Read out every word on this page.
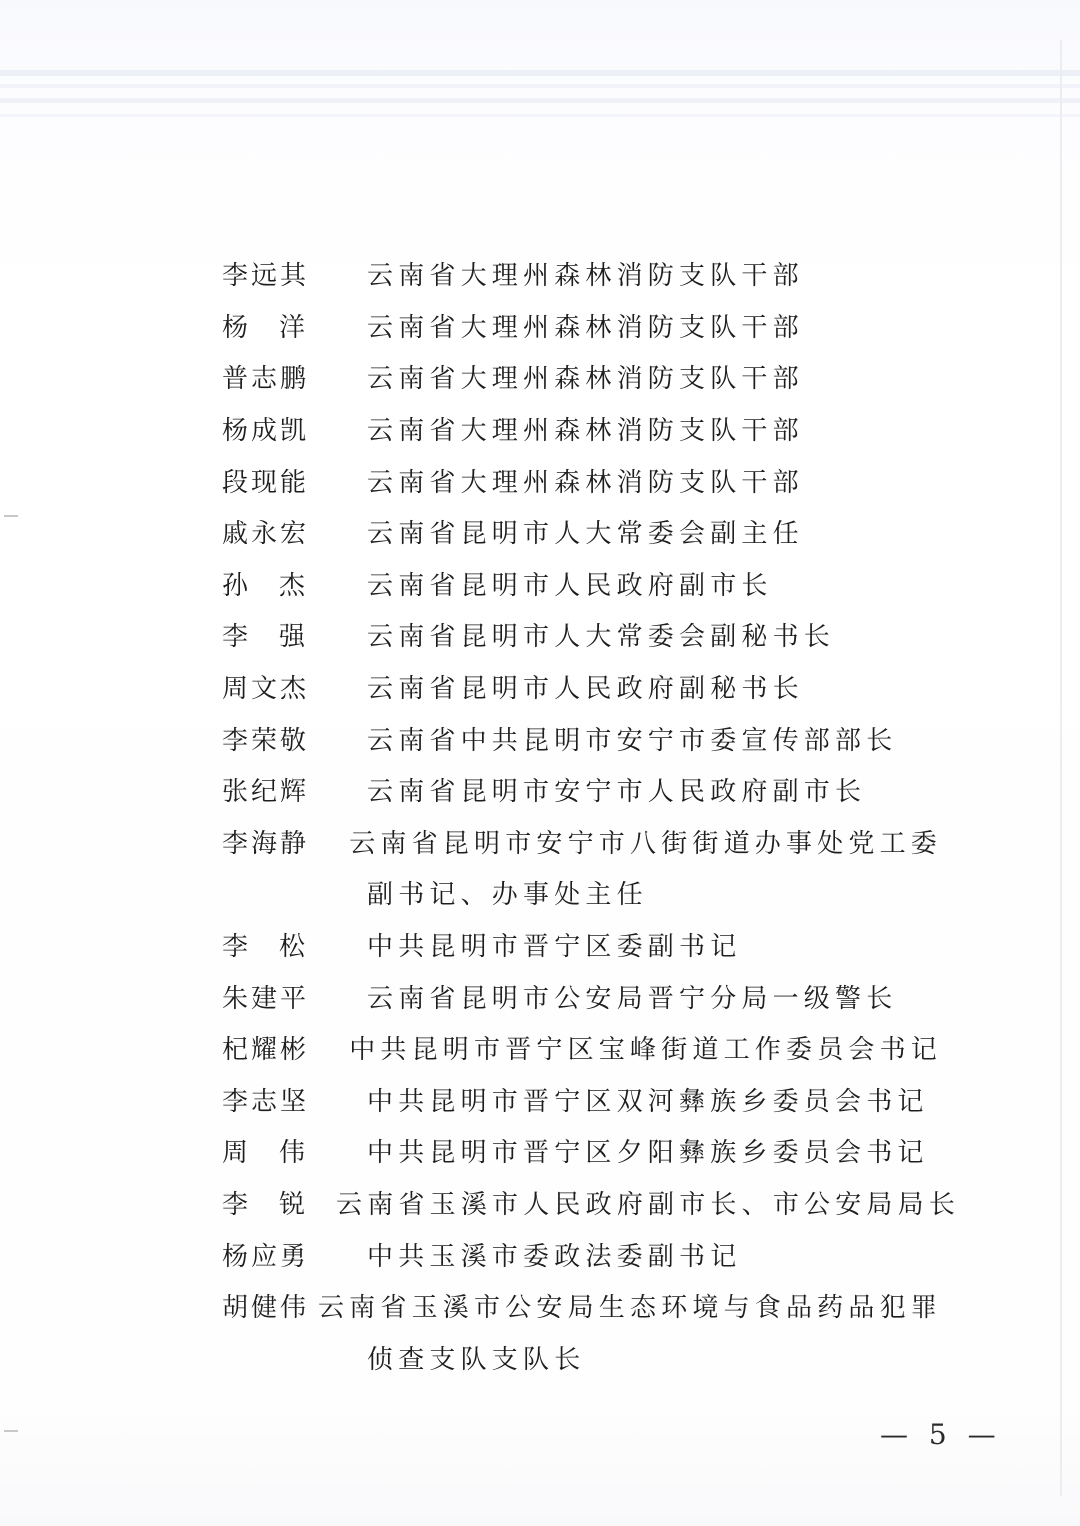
李远其	云南省大理州森林消防支队干部
杨洋	云南省大理州森林消防支队干部
普志鹏	云南省大理州森林消防支队干部
杨成凯	云南省大理州森林消防支队干部
段现能	云南省大理州森林消防支队干部
戚永宏	云南省昆明市人大常委会副主任
孙杰	云南省昆明市人民政府副市长
李强	云南省昆明市人大常委会副秘书长
周文杰	云南省昆明市人民政府副秘书长
李荣敬	云南省中共昆明市安宁市委宣传部部长
张纪辉	云南省昆明市安宁市人民政府副市长
李海静	云南省昆明市安宁市八街街道办事处党工委
副书记、办事处主任
李松	中共昆明市晋宁区委副书记
朱建平	云南省昆明市公安局晋宁分局一级警长
杞耀彬	中共昆明市晋宁区宝峰街道工作委员会书记
李志坚	中共昆明市晋宁区双河彝族乡委员会书记
周伟	中共昆明市晋宁区夕阳彝族乡委员会书记
李锐 云南省玉溪市人民政府副市长、市公安局局长
杨应勇	中共玉溪市委政法委副书记
胡健伟 云南省玉溪市公安局生态环境与食品药品犯罪
侦查支队支队长
— 5 —
